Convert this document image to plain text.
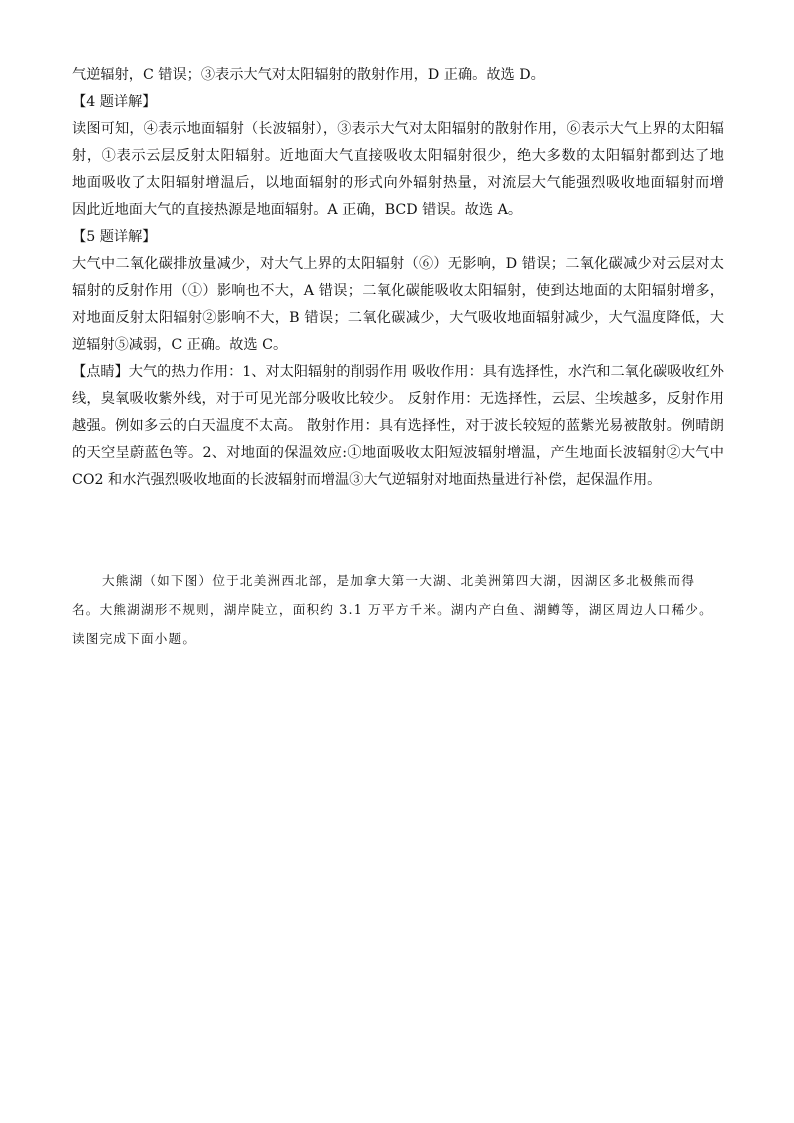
气逆辐射，C 错误；③表示大气对太阳辐射的散射作用，D 正确。故选 D。

【4 题详解】

读图可知，④表示地面辐射（长波辐射），③表示大气对太阳辐射的散射作用，⑥表示大气上界的太阳辐

射，①表示云层反射太阳辐射。近地面大气直接吸收太阳辐射很少，绝大多数的太阳辐射都到达了地

地面吸收了太阳辐射增温后，以地面辐射的形式向外辐射热量，对流层大气能强烈吸收地面辐射而增

因此近地面大气的直接热源是地面辐射。A 正确，BCD 错误。故选 A。

【5 题详解】

大气中二氧化碳排放量减少，对大气上界的太阳辐射（⑥）无影响，D 错误；二氧化碳减少对云层对太

辐射的反射作用（①）影响也不大，A 错误；二氧化碳能吸收太阳辐射，使到达地面的太阳辐射增多，

对地面反射太阳辐射②影响不大，B 错误；二氧化碳减少，大气吸收地面辐射减少，大气温度降低，大

逆辐射⑤减弱，C 正确。故选 C。

【点睛】大气的热力作用：1、对太阳辐射的削弱作用 吸收作用：具有选择性，水汽和二氧化碳吸收红外

线，臭氧吸收紫外线，对于可见光部分吸收比较少。 反射作用：无选择性，云层、尘埃越多，反射作用

越强。例如多云的白天温度不太高。 散射作用：具有选择性，对于波长较短的蓝紫光易被散射。例晴朗

的天空呈蔚蓝色等。2、对地面的保温效应:①地面吸收太阳短波辐射增温，产生地面长波辐射②大气中

CO2 和水汽强烈吸收地面的长波辐射而增温③大气逆辐射对地面热量进行补偿，起保温作用。

大熊湖（如下图）位于北美洲西北部，是加拿大第一大湖、北美洲第四大湖，因湖区多北极熊而得

名。大熊湖湖形不规则，湖岸陡立，面积约 3.1 万平方千米。湖内产白鱼、湖鳟等，湖区周边人口稀少。

读图完成下面小题。
